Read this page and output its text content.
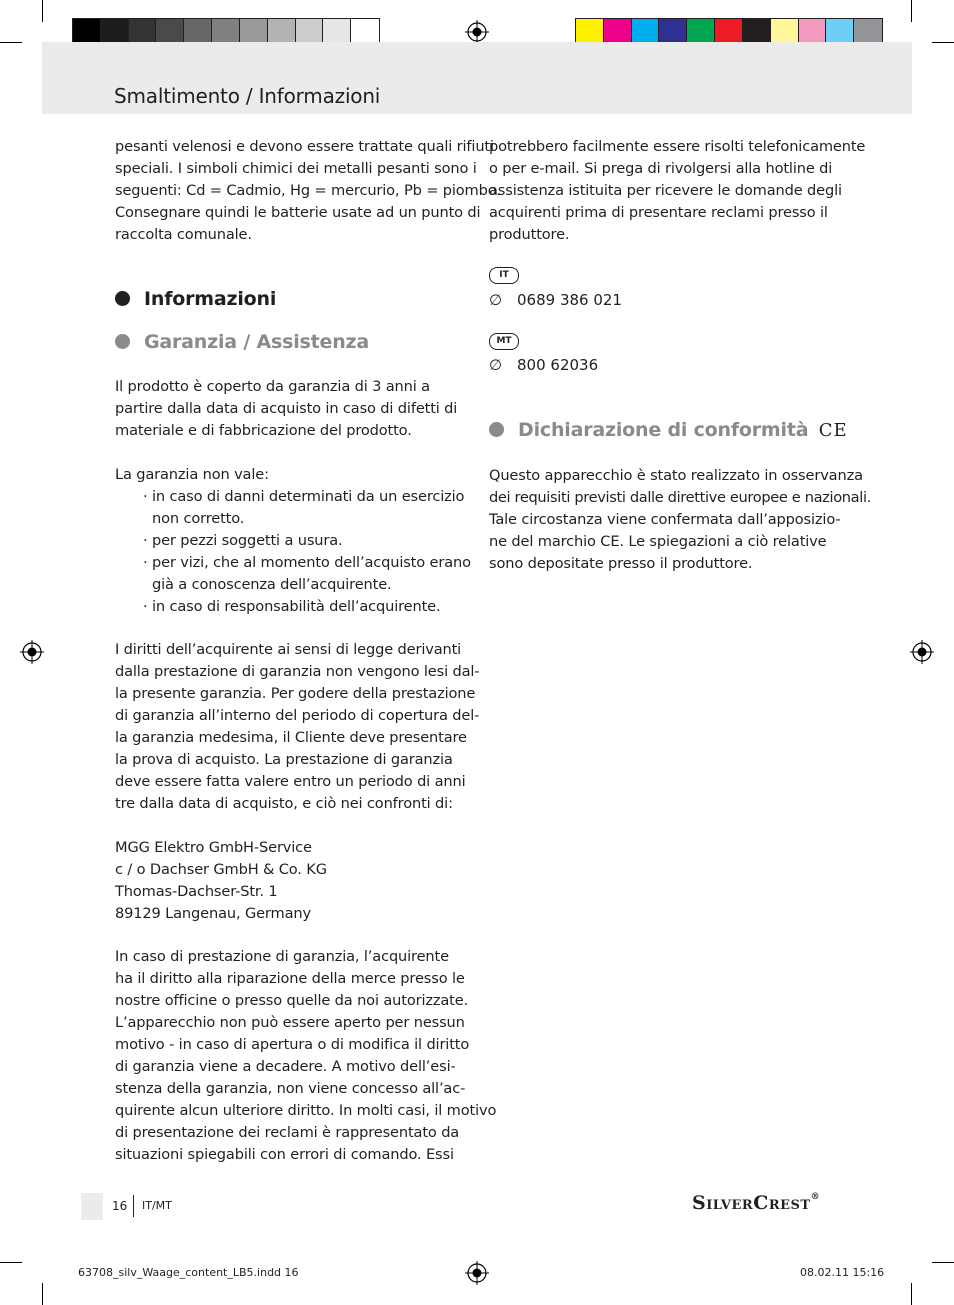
Smaltimento / Informazioni
pesanti velenosi e devono essere trattate quali rifiuti
speciali. I simboli chimici dei metalli pesanti sono i
seguenti: Cd = Cadmio, Hg = mercurio, Pb = piombo.
Consegnare quindi le batterie usate ad un punto di
raccolta comunale.
Informazioni
Garanzia / Assistenza
Il prodotto è coperto da garanzia di 3 anni a
partire dalla data di acquisto in caso di difetti di
materiale e di fabbricazione del prodotto.
La garanzia non vale:
· in caso di danni determinati da un esercizio
non corretto.
· per pezzi soggetti a usura.
· per vizi, che al momento dell’acquisto erano
già a conoscenza dell’acquirente.
· in caso di responsabilità dell’acquirente.
I diritti dell’acquirente ai sensi di legge derivanti
dalla prestazione di garanzia non vengono lesi dal-
la presente garanzia. Per godere della prestazione
di garanzia all’interno del periodo di copertura del-
la garanzia medesima, il Cliente deve presentare
la prova di acquisto. La prestazione di garanzia
deve essere fatta valere entro un periodo di anni
tre dalla data di acquisto, e ciò nei confronti di:
MGG Elektro GmbH-Service
c / o Dachser GmbH & Co. KG
Thomas-Dachser-Str. 1
89129 Langenau, Germany
In caso di prestazione di garanzia, l’acquirente
ha il diritto alla riparazione della merce presso le
nostre officine o presso quelle da noi autorizzate.
L’apparecchio non può essere aperto per nessun
motivo - in caso di apertura o di modifica il diritto
di garanzia viene a decadere. A motivo dell’esi-
stenza della garanzia, non viene concesso all’ac-
quirente alcun ulteriore diritto. In molti casi, il motivo
di presentazione dei reclami è rappresentato da
situazioni spiegabili con errori di comando. Essi
potrebbero facilmente essere risolti telefonicamente
o per e-mail. Si prega di rivolgersi alla hotline di
assistenza istituita per ricevere le domande degli
acquirenti prima di presentare reclami presso il
produttore.
IT
∅ 0689 386 021
MT
∅ 800 62036
Dichiarazione di conformità CE
Questo apparecchio è stato realizzato in osservanza
dei requisiti previsti dalle direttive europee e nazionali.
Tale circostanza viene confermata dall’apposizio-
ne del marchio CE. Le spiegazioni a ciò relative
sono depositate presso il produttore.
16 IT/MT	SilverCrest®
63708_silv_Waage_content_LB5.indd 16	08.02.11 15:16
